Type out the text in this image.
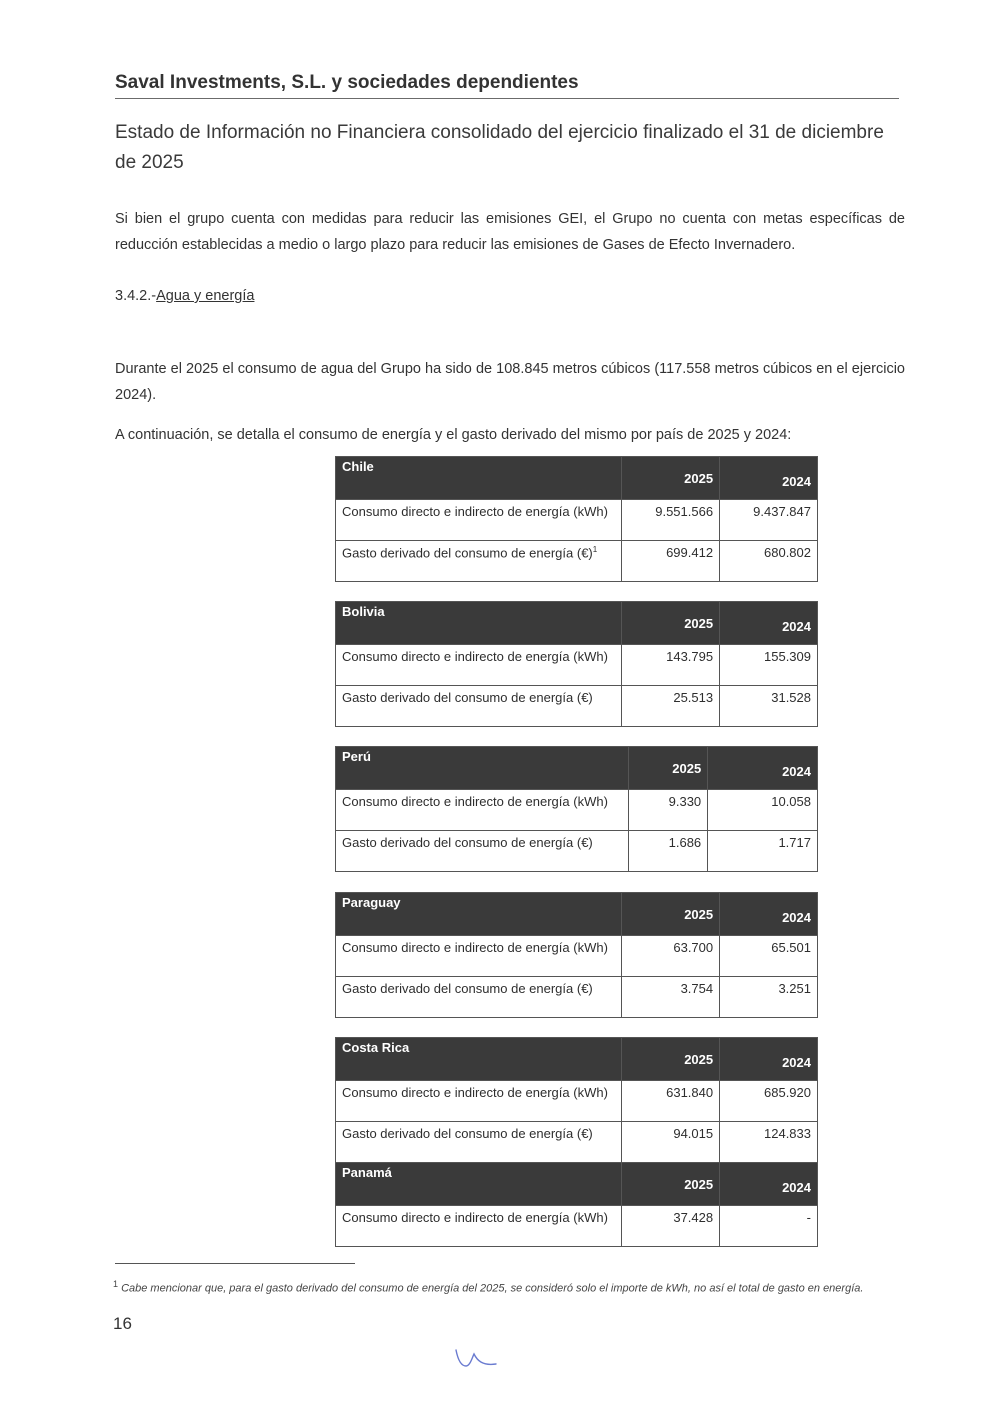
Saval Investments, S.L. y sociedades dependientes
Estado de Información no Financiera consolidado del ejercicio finalizado el 31 de diciembre de 2025
Si bien el grupo cuenta con medidas para reducir las emisiones GEI, el Grupo no cuenta con metas específicas de reducción establecidas a medio o largo plazo para reducir las emisiones de Gases de Efecto Invernadero.
3.4.2.-Agua y energía
Durante el 2025 el consumo de agua del Grupo ha sido de 108.845 metros cúbicos (117.558 metros cúbicos en el ejercicio 2024).
A continuación, se detalla el consumo de energía y el gasto derivado del mismo por país de 2025 y 2024:
Chile	2025	2024
Consumo directo e indirecto de energía (kWh)	9.551.566	9.437.847
Gasto derivado del consumo de energía (€)$^1$	699.412	680.802
Bolivia	2025	2024
Consumo directo e indirecto de energía (kWh)	143.795	155.309
Gasto derivado del consumo de energía (€)	25.513	31.528
Perú	2025	2024
Consumo directo e indirecto de energía (kWh)	9.330	10.058
Gasto derivado del consumo de energía (€)	1.686	1.717
Paraguay	2025	2024
Consumo directo e indirecto de energía (kWh)	63.700	65.501
Gasto derivado del consumo de energía (€)	3.754	3.251
Costa Rica	2025	2024
Consumo directo e indirecto de energía (kWh)	631.840	685.920
Gasto derivado del consumo de energía (€)	94.015	124.833
Panamá	2025	2024
Consumo directo e indirecto de energía (kWh)	37.428	-
$^1$ Cabe mencionar que, para el gasto derivado del consumo de energía del 2025, se consideró solo el importe de kWh, no así el total de gasto en energía.
16
